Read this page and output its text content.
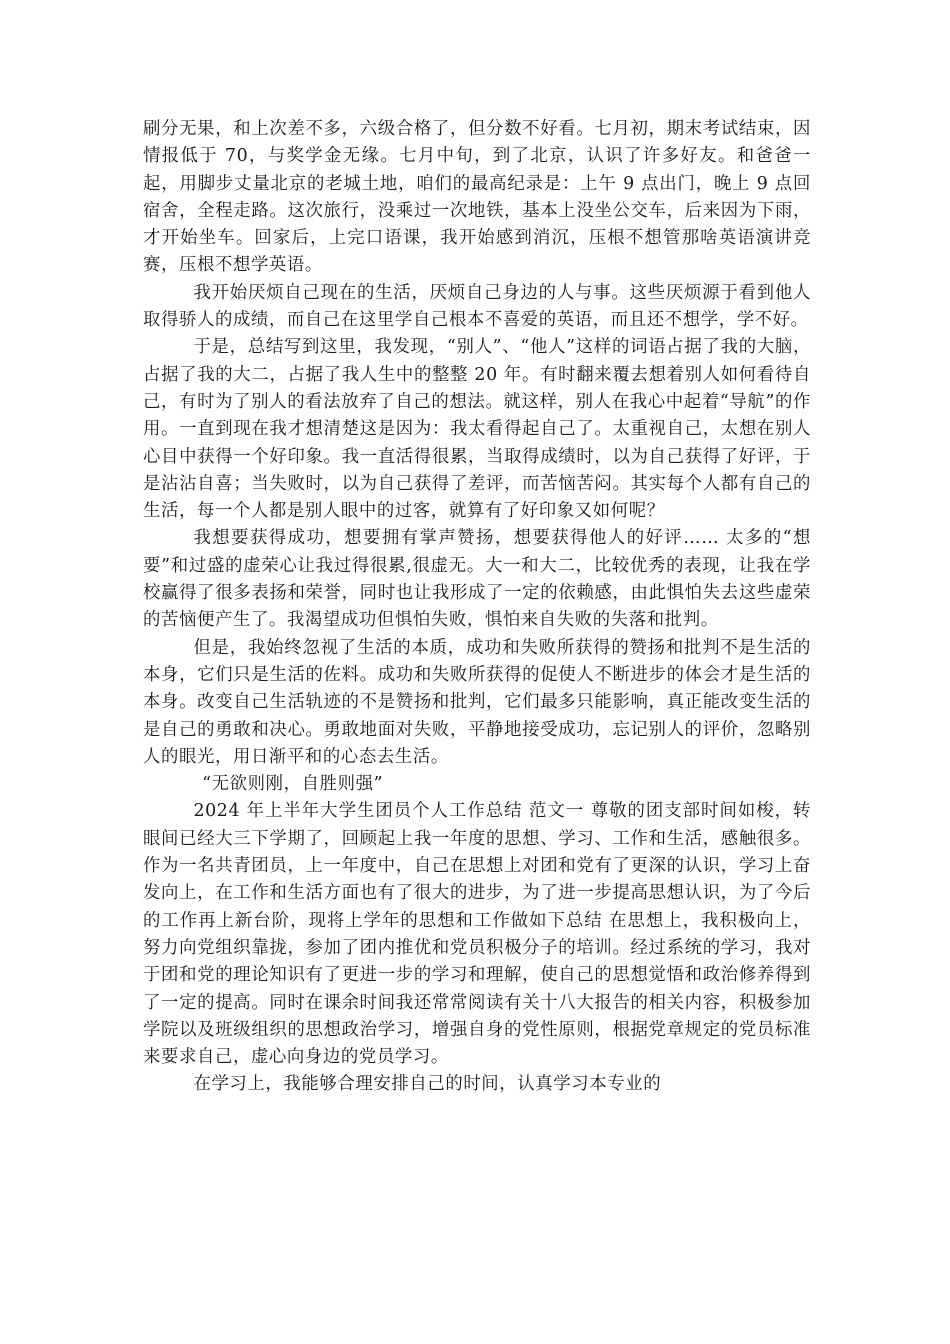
刷分无果，和上次差不多，六级合格了，但分数不好看。七月初，期末考试结束，因情报低于 70，与奖学金无缘。七月中旬，到了北京，认识了许多好友。和爸爸一起，用脚步丈量北京的老城土地，咱们的最高纪录是：上午 9 点出门，晚上 9 点回宿舍，全程走路。这次旅行，没乘过一次地铁，基本上没坐公交车，后来因为下雨，才开始坐车。回家后，上完口语课，我开始感到消沉，压根不想管那啥英语演讲竞赛，压根不想学英语。

我开始厌烦自己现在的生活，厌烦自己身边的人与事。这些厌烦源于看到他人取得骄人的成绩，而自己在这里学自己根本不喜爱的英语，而且还不想学，学不好。

于是，总结写到这里，我发现，“别人”、“他人”这样的词语占据了我的大脑，占据了我的大二，占据了我人生中的整整 20 年。有时翻来覆去想着别人如何看待自己，有时为了别人的看法放弃了自己的想法。就这样，别人在我心中起着“导航”的作用。一直到现在我才想清楚这是因为：我太看得起自己了。太重视自己，太想在别人心目中获得一个好印象。我一直活得很累，当取得成绩时，以为自己获得了好评，于是沾沾自喜；当失败时，以为自己获得了差评，而苦恼苦闷。其实每个人都有自己的生活，每一个人都是别人眼中的过客，就算有了好印象又如何呢？

我想要获得成功，想要拥有掌声赞扬，想要获得他人的好评…… 太多的“想要”和过盛的虚荣心让我过得很累,很虚无。大一和大二，比较优秀的表现，让我在学校赢得了很多表扬和荣誉，同时也让我形成了一定的依赖感，由此惧怕失去这些虚荣的苦恼便产生了。我渴望成功但惧怕失败，惧怕来自失败的失落和批判。

但是，我始终忽视了生活的本质，成功和失败所获得的赞扬和批判不是生活的本身，它们只是生活的佐料。成功和失败所获得的促使人不断进步的体会才是生活的本身。改变自己生活轨迹的不是赞扬和批判，它们最多只能影响，真正能改变生活的是自己的勇敢和决心。勇敢地面对失败，平静地接受成功，忘记别人的评价，忽略别人的眼光，用日渐平和的心态去生活。

“无欲则刚，自胜则强”

2024 年上半年大学生团员个人工作总结 范文一 尊敬的团支部时间如梭，转眼间已经大三下学期了，回顾起上我一年度的思想、学习、工作和生活，感触很多。作为一名共青团员，上一年度中，自己在思想上对团和党有了更深的认识，学习上奋发向上，在工作和生活方面也有了很大的进步，为了进一步提高思想认识，为了今后的工作再上新台阶，现将上学年的思想和工作做如下总结 在思想上，我积极向上，努力向党组织靠拢，参加了团内推优和党员积极分子的培训。经过系统的学习，我对于团和党的理论知识有了更进一步的学习和理解，使自己的思想觉悟和政治修养得到了一定的提高。同时在课余时间我还常常阅读有关十八大报告的相关内容，积极参加学院以及班级组织的思想政治学习，增强自身的党性原则，根据党章规定的党员标准来要求自己，虚心向身边的党员学习。

在学习上，我能够合理安排自己的时间，认真学习本专业的
